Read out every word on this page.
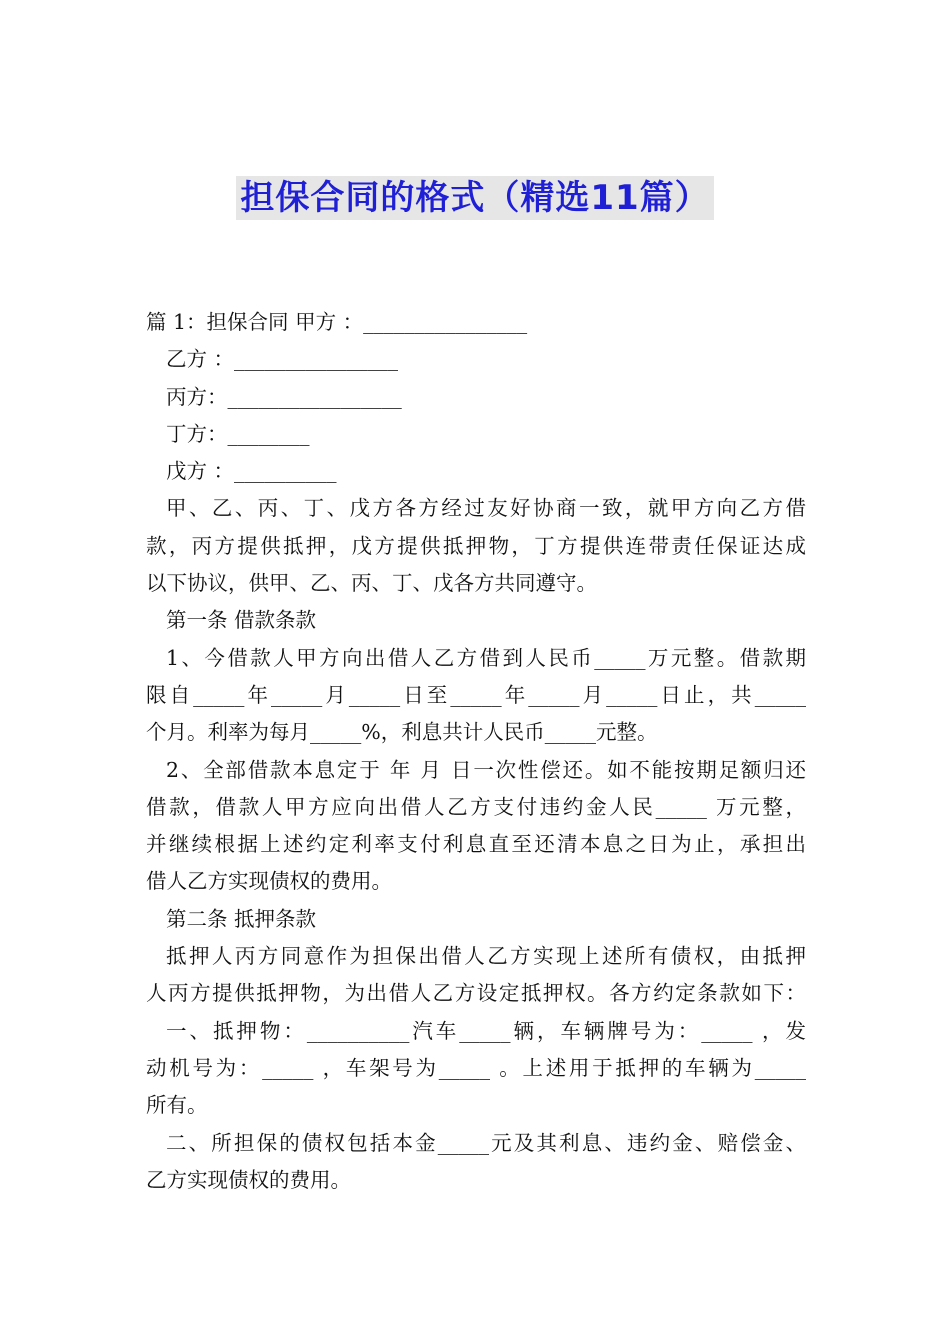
担保合同的格式（精选11篇）
篇 1：担保合同 甲方 ：________________
乙方 ：________________
丙方：_________________
丁方：________
戊方 ：__________
甲、乙、丙、丁、戊方各方经过友好协商一致，就甲方向乙方借
款，丙方提供抵押，戊方提供抵押物，丁方提供连带责任保证达成
以下协议，供甲、乙、丙、丁、戊各方共同遵守。
第一条 借款条款
1、今借款人甲方向出借人乙方借到人民币_____万元整。借款期
限自_____年_____月_____日至_____年_____月_____日止，共_____
个月。利率为每月_____%，利息共计人民币_____元整。
2、全部借款本息定于 年 月 日一次性偿还。如不能按期足额归还
借款，借款人甲方应向出借人乙方支付违约金人民_____ 万元整，
并继续根据上述约定利率支付利息直至还清本息之日为止，承担出
借人乙方实现债权的费用。
第二条 抵押条款
抵押人丙方同意作为担保出借人乙方实现上述所有债权，由抵押
人丙方提供抵押物，为出借人乙方设定抵押权。各方约定条款如下：
一、抵押物：__________汽车_____辆，车辆牌号为：_____ ，发
动机号为：_____ ，车架号为_____ 。上述用于抵押的车辆为_____
所有。
二、所担保的债权包括本金_____元及其利息、违约金、赔偿金、
乙方实现债权的费用。
